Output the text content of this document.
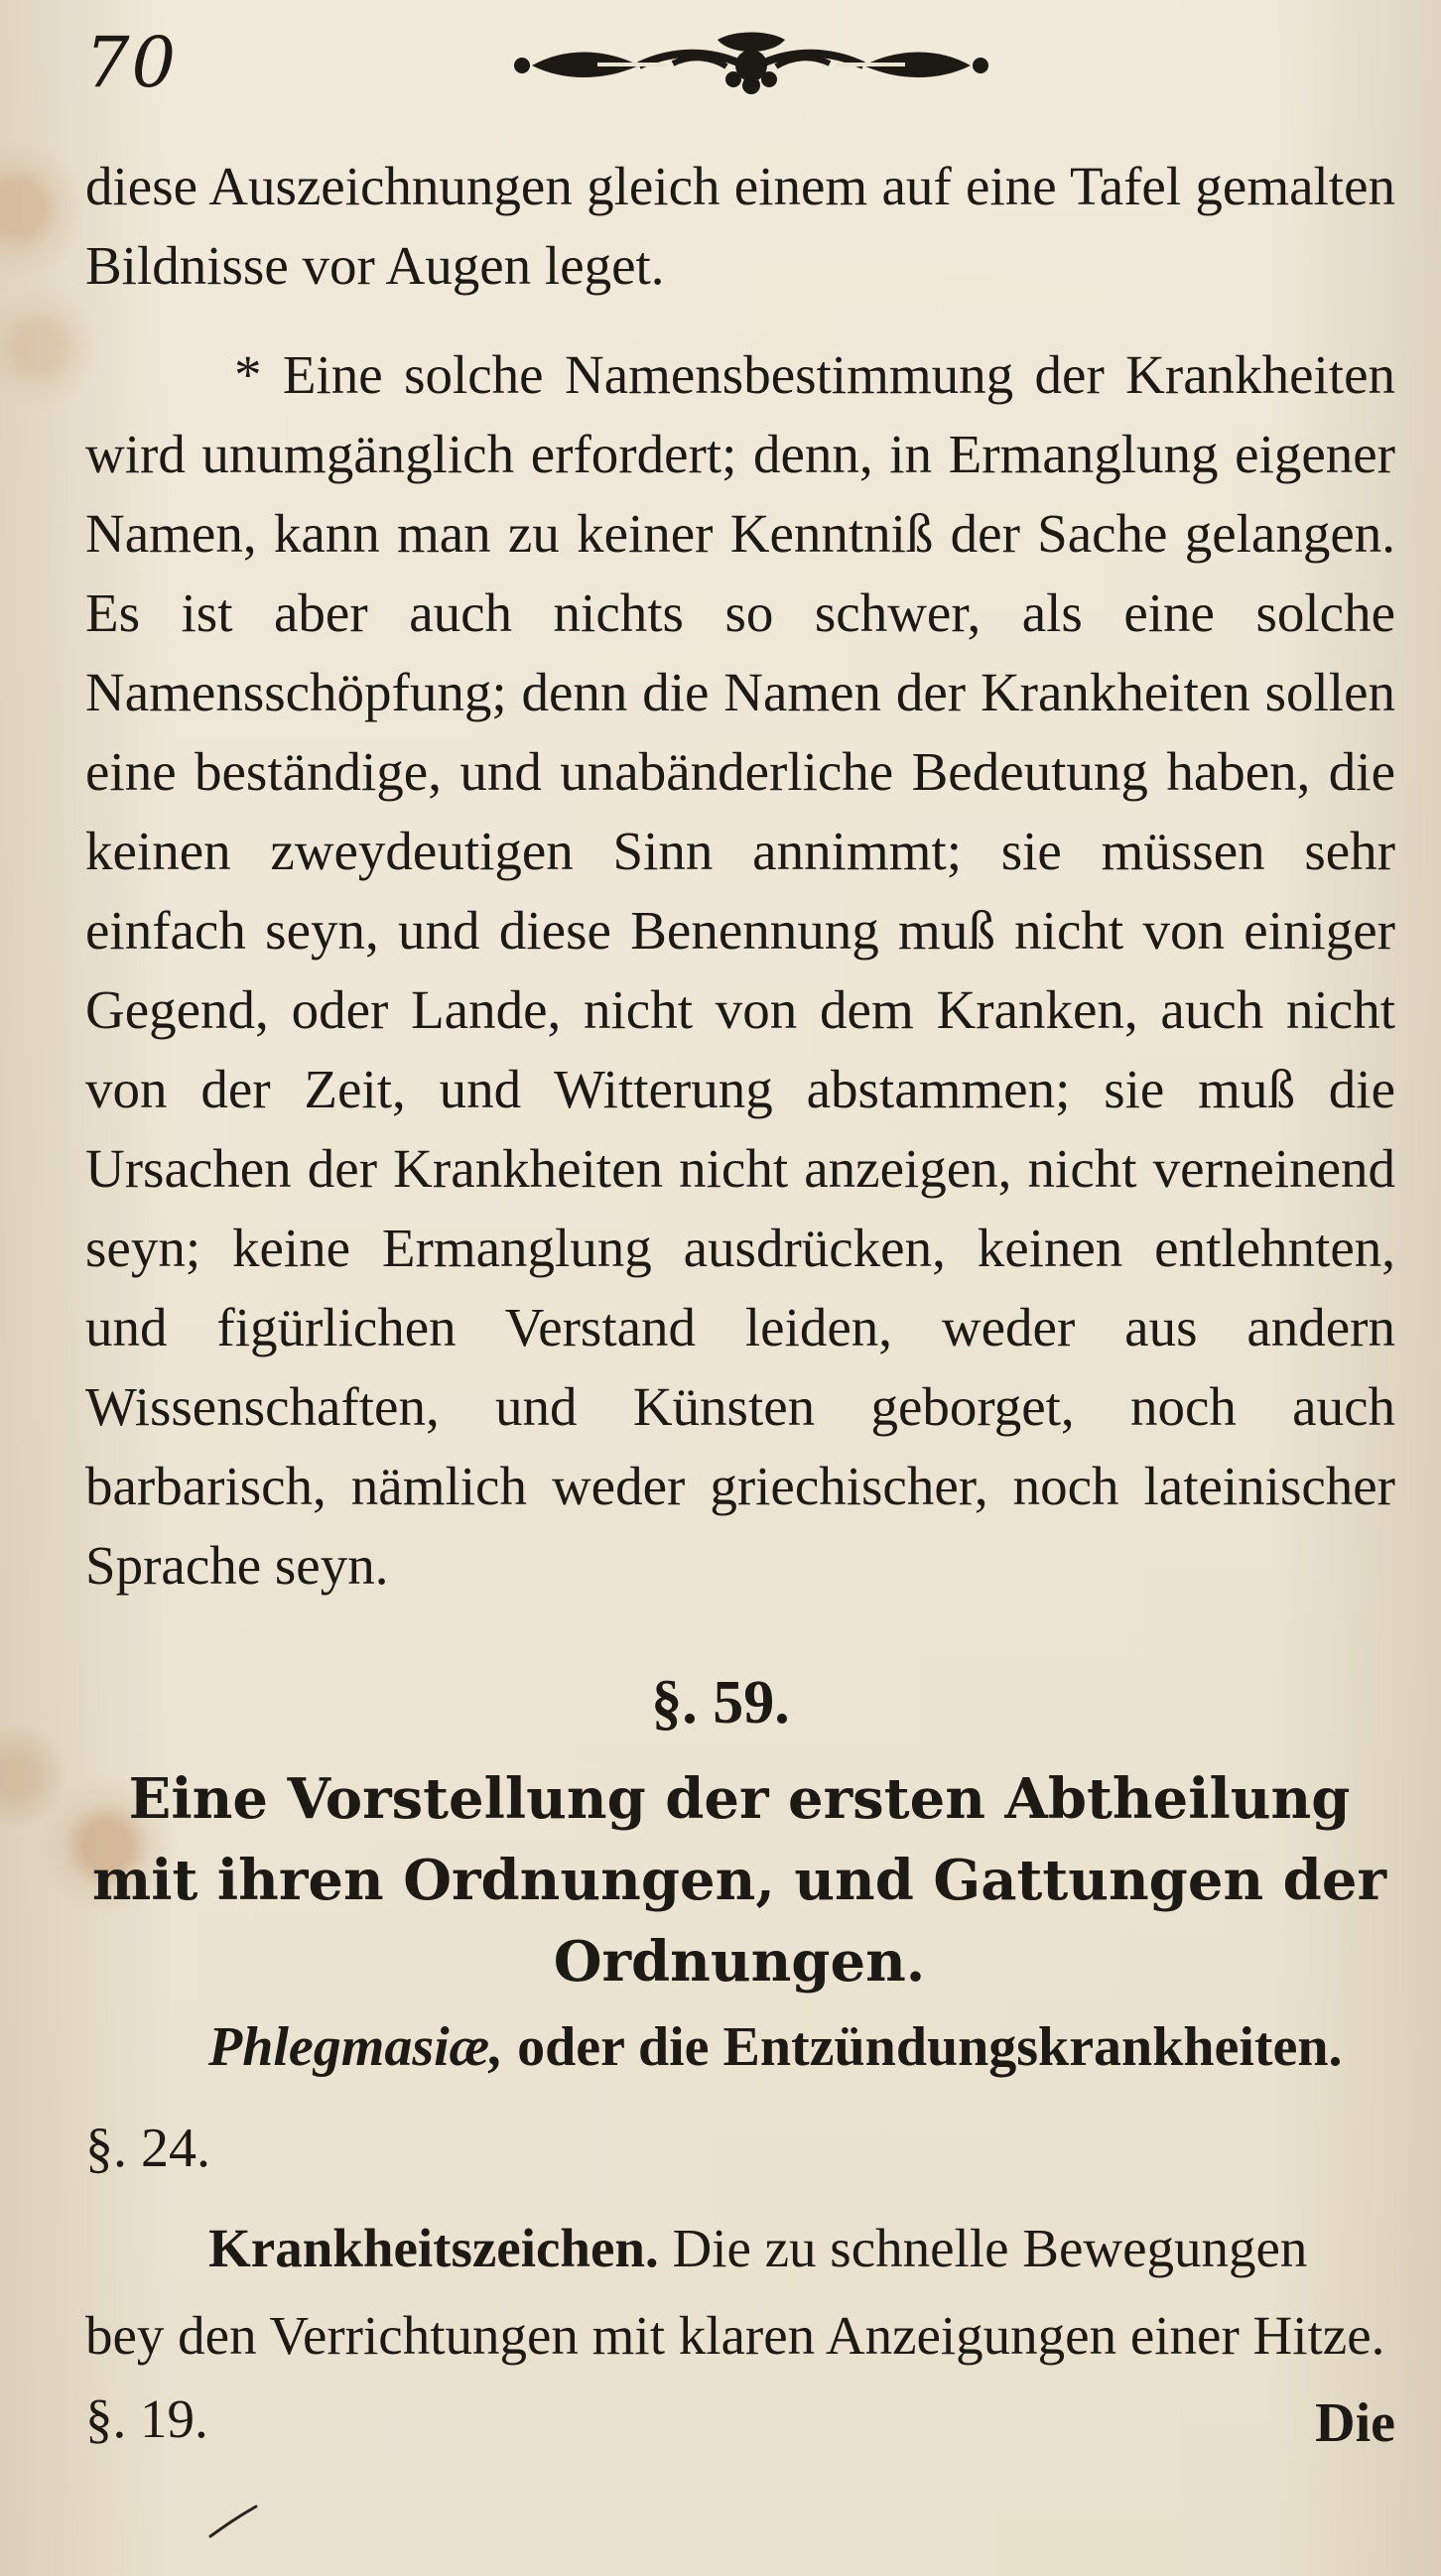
70

diese Auszeichnungen gleich einem auf eine Tafel gemalten Bildnisse vor Augen leget.

* Eine solche Namensbestimmung der Krankheiten wird unumgänglich erfordert; denn, in Ermanglung eigener Namen, kann man zu keiner Kenntniß der Sache gelangen. Es ist aber auch nichts so schwer, als eine solche Namensschöpfung; denn die Namen der Krankheiten sollen eine beständige, und unabänderliche Bedeutung haben, die keinen zweydeutigen Sinn annimmt; sie müssen sehr einfach seyn, und diese Benennung muß nicht von einiger Gegend, oder Lande, nicht von dem Kranken, auch nicht von der Zeit, und Witterung abstammen; sie muß die Ursachen der Krankheiten nicht anzeigen, nicht verneinend seyn; keine Ermanglung ausdrücken, keinen entlehnten, und figürlichen Verstand leiden, weder aus andern Wissenschaften, und Künsten geborget, noch auch barbarisch, nämlich weder griechischer, noch lateinischer Sprache seyn.

§. 59.
Eine Vorstellung der ersten Abtheilung mit ihren Ordnungen, und Gattungen der Ordnungen.

Phlegmasiæ, oder die Entzündungskrankheiten.

§. 24.

Krankheitszeichen. Die zu schnelle Bewegungen

bey den Verrichtungen mit klaren Anzeigungen einer Hitze. §. 19.	Die
